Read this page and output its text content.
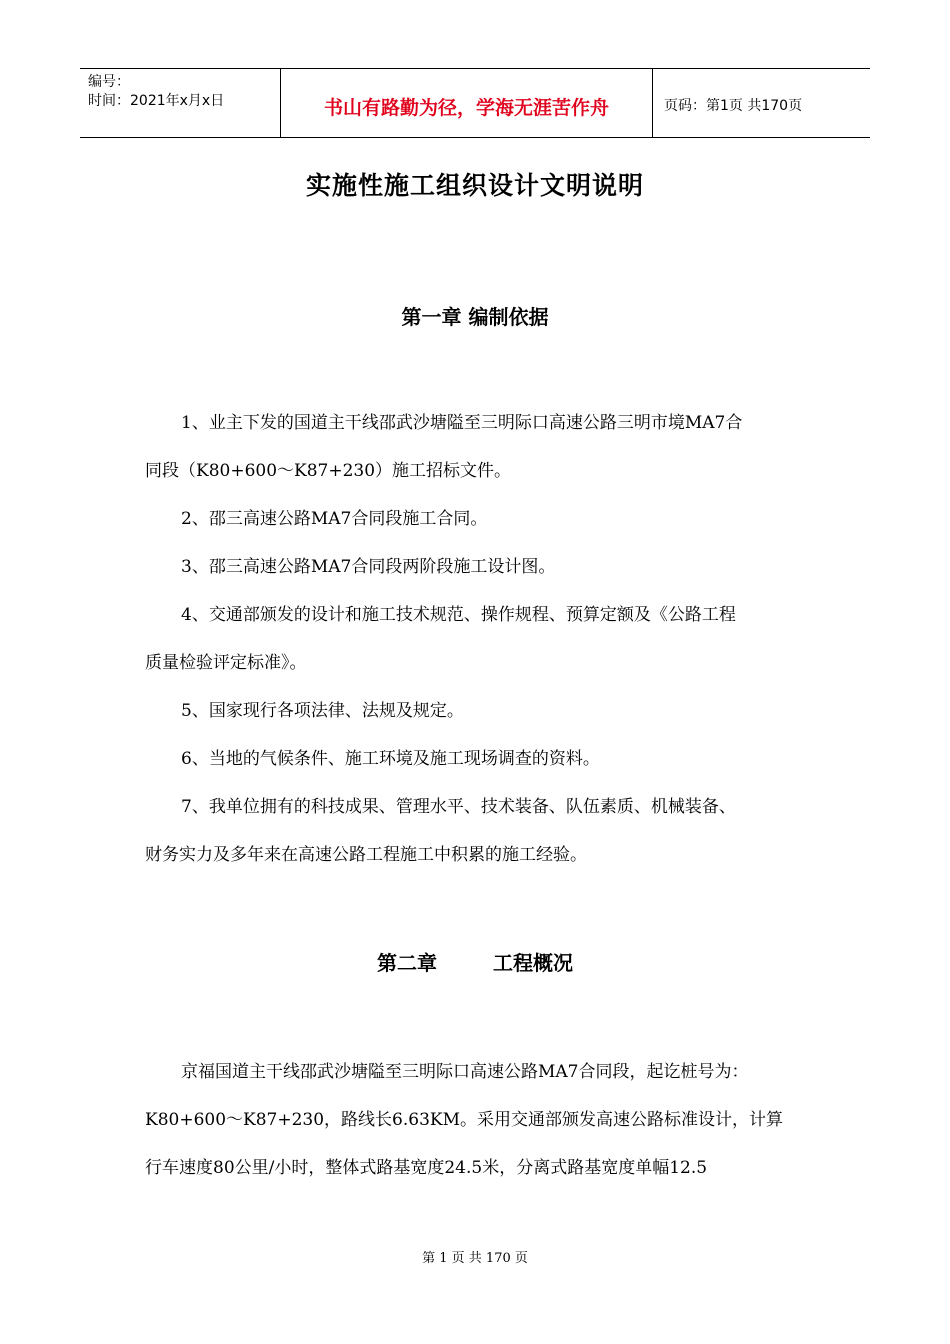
编号：
时间：2021年x月x日	书山有路勤为径，学海无涯苦作舟	页码：第1页 共170页
实施性施工组织设计文明说明
第一章 编制依据
1、业主下发的国道主干线邵武沙塘隘至三明际口高速公路三明市境MA7合
同段（K80+600～K87+230）施工招标文件。
2、邵三高速公路MA7合同段施工合同。
3、邵三高速公路MA7合同段两阶段施工设计图。
4、交通部颁发的设计和施工技术规范、操作规程、预算定额及《公路工程
质量检验评定标准》。
5、国家现行各项法律、法规及规定。
6、当地的气候条件、施工环境及施工现场调查的资料。
7、我单位拥有的科技成果、管理水平、技术装备、队伍素质、机械装备、
财务实力及多年来在高速公路工程施工中积累的施工经验。
第二章	工程概况
京福国道主干线邵武沙塘隘至三明际口高速公路MA7合同段，起讫桩号为：
K80+600～K87+230，路线长6.63KM。采用交通部颁发高速公路标准设计，计算
行车速度80公里/小时，整体式路基宽度24.5米，分离式路基宽度单幅12.5
第 1 页 共 170 页
